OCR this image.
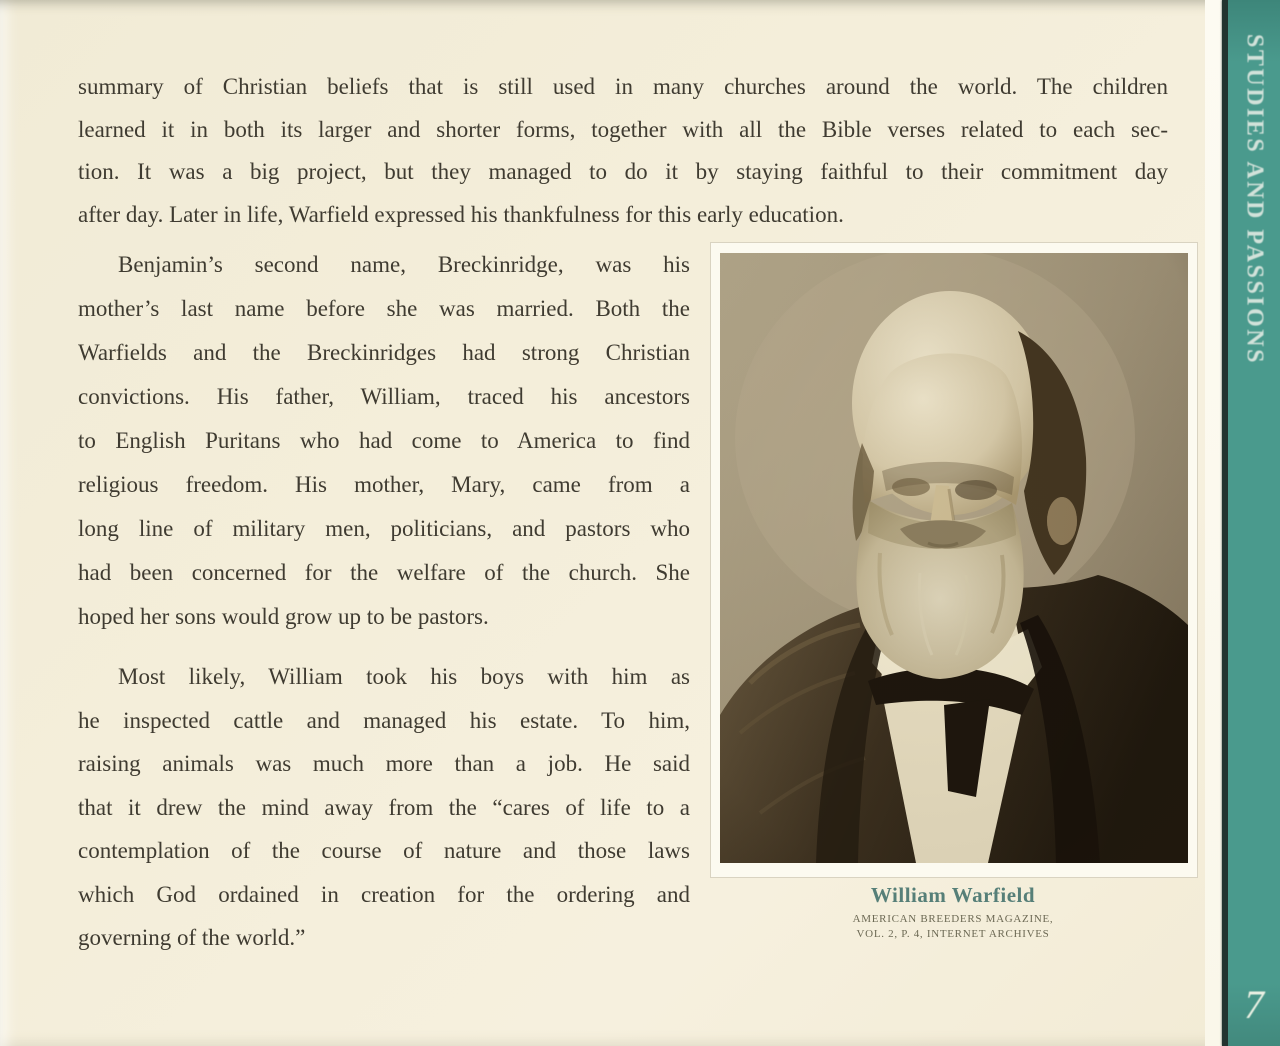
summary of Christian beliefs that is still used in many churches around the world. The children
learned it in both its larger and shorter forms, together with all the Bible verses related to each sec-
tion. It was a big project, but they managed to do it by staying faithful to their commitment day
after day. Later in life, Warfield expressed his thankfulness for this early education.

Benjamin’s second name, Breckinridge, was his
mother’s last name before she was married. Both the
Warfields and the Breckinridges had strong Christian
convictions. His father, William, traced his ancestors
to English Puritans who had come to America to find
religious freedom. His mother, Mary, came from a
long line of military men, politicians, and pastors who
had been concerned for the welfare of the church. She
hoped her sons would grow up to be pastors.

Most likely, William took his boys with him as
he inspected cattle and managed his estate. To him,
raising animals was much more than a job. He said
that it drew the mind away from the “cares of life to a
contemplation of the course of nature and those laws
which God ordained in creation for the ordering and
governing of the world.”

William Warfield
AMERICAN BREEDERS MAGAZINE,
VOL. 2, P. 4, INTERNET ARCHIVES
STUDIES AND PASSIONS
7
